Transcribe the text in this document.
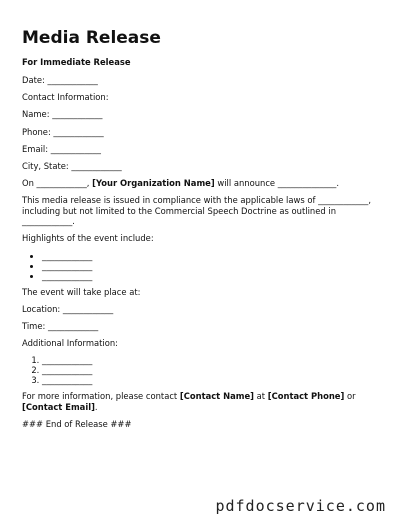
Media Release
For Immediate Release
Date: ____________
Contact Information:
Name: ____________
Phone: ____________
Email: ____________
City, State: ____________
On ____________, [Your Organization Name] will announce ______________.
This media release is issued in compliance with the applicable laws of ____________, including but not limited to the Commercial Speech Doctrine as outlined in ____________.
Highlights of the event include:
• ____________
• ____________
• ____________
The event will take place at:
Location: ____________
Time: ____________
Additional Information:
1. ____________
2. ____________
3. ____________
For more information, please contact [Contact Name] at [Contact Phone] or [Contact Email].
### End of Release ###
pdfdocservice.com
